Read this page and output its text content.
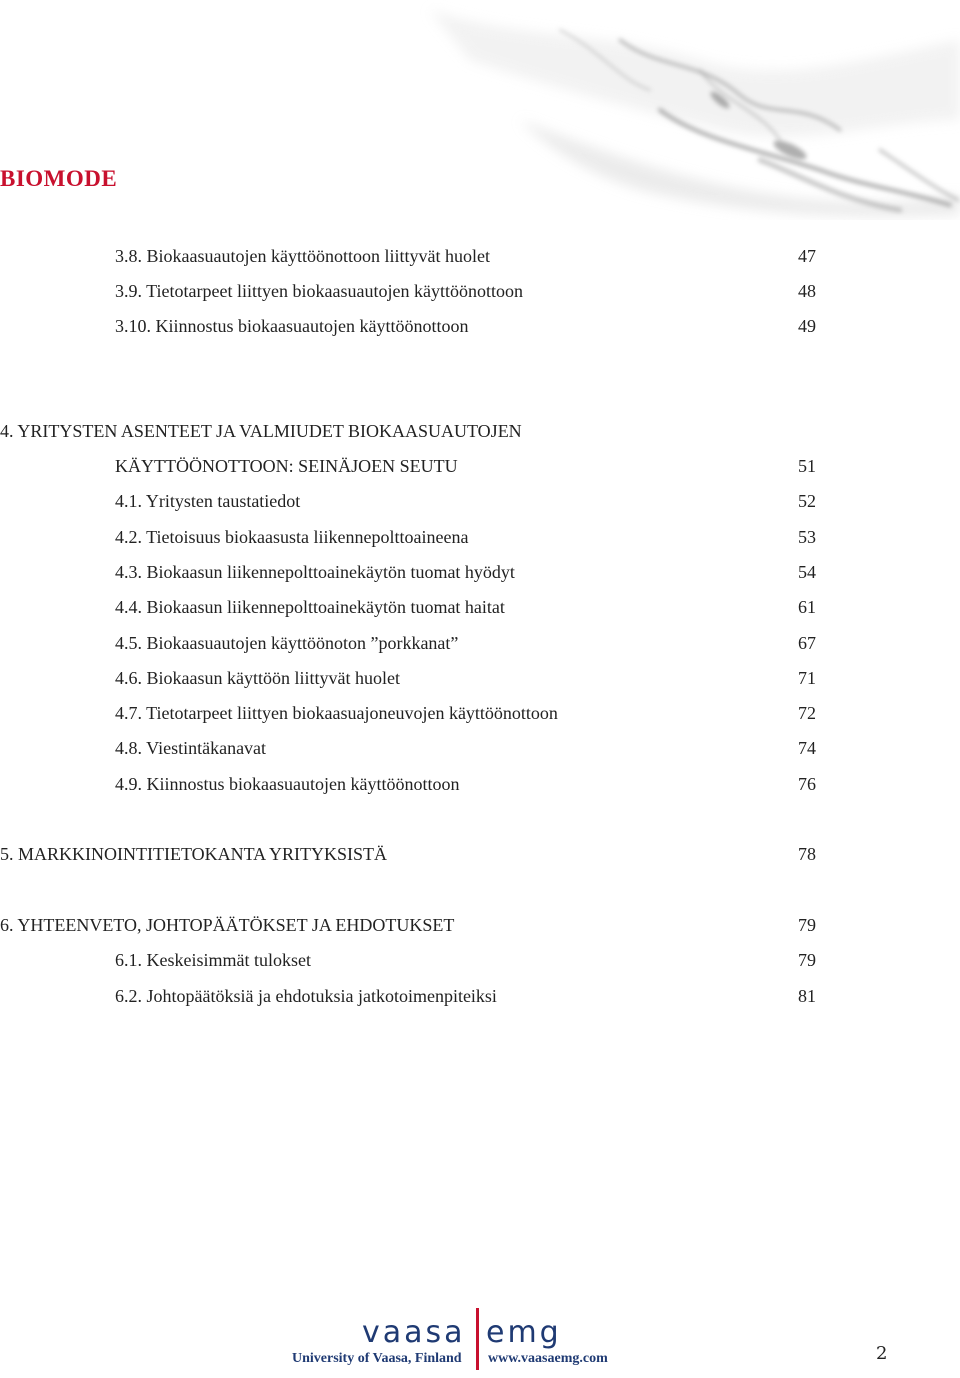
BIOMODE
3.8. Biokaasuautojen käyttöönottoon liittyvät huolet	47
3.9. Tietotarpeet liittyen biokaasuautojen käyttöönottoon	48
3.10. Kiinnostus biokaasuautojen käyttöönottoon	49
4. YRITYSTEN ASENTEET JA VALMIUDET BIOKAASUAUTOJEN
KÄYTTÖÖNOTTOON: SEINÄJOEN SEUTU	51
4.1. Yritysten taustatiedot	52
4.2. Tietoisuus biokaasusta liikennepolttoaineena	53
4.3. Biokaasun liikennepolttoainekäytön tuomat hyödyt	54
4.4. Biokaasun liikennepolttoainekäytön tuomat haitat	61
4.5. Biokaasuautojen käyttöönoton ”porkkanat”	67
4.6. Biokaasun käyttöön liittyvät huolet	71
4.7. Tietotarpeet liittyen biokaasuajoneuvojen käyttöönottoon	72
4.8. Viestintäkanavat	74
4.9. Kiinnostus biokaasuautojen käyttöönottoon	76
5. MARKKINOINTITIETOKANTA YRITYKSISTÄ	78
6. YHTEENVETO, JOHTOPÄÄTÖKSET JA EHDOTUKSET	79
6.1. Keskeisimmät tulokset	79
6.2. Johtopäätöksiä ja ehdotuksia jatkotoimenpiteiksi	81
vaasa emg
University of Vaasa, Finland www.vaasaemg.com	2
